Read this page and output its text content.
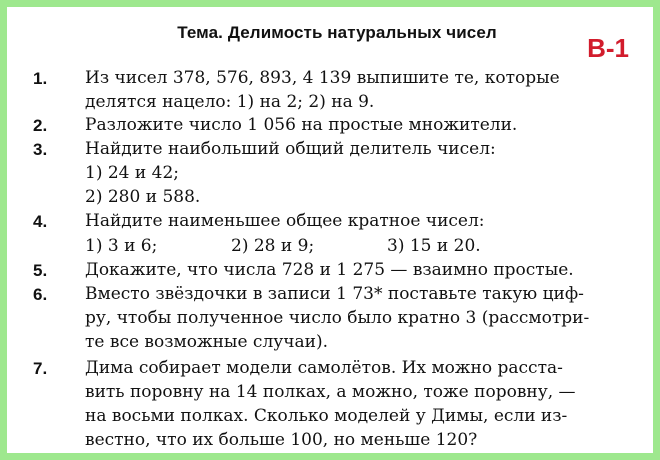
Тема. Делимость натуральных чисел
В-1
1. Из чисел 378, 576, 893, 4 139 выпишите те, которые
делятся нацело: 1) на 2; 2) на 9.
2. Разложите число 1 056 на простые множители.
3. Найдите наибольший общий делитель чисел:
1) 24 и 42;
2) 280 и 588.
4. Найдите наименьшее общее кратное чисел:
1) 3 и 6;	2) 28 и 9;	3) 15 и 20.
5. Докажите, что числа 728 и 1 275 — взаимно простые.
6. Вместо звёздочки в записи 1 73* поставьте такую циф-
ру, чтобы полученное число было кратно 3 (рассмотри-
те все возможные случаи).
7. Дима собирает модели самолётов. Их можно расста-
вить поровну на 14 полках, а можно, тоже поровну, —
на восьми полках. Сколько моделей у Димы, если из-
вестно, что их больше 100, но меньше 120?
